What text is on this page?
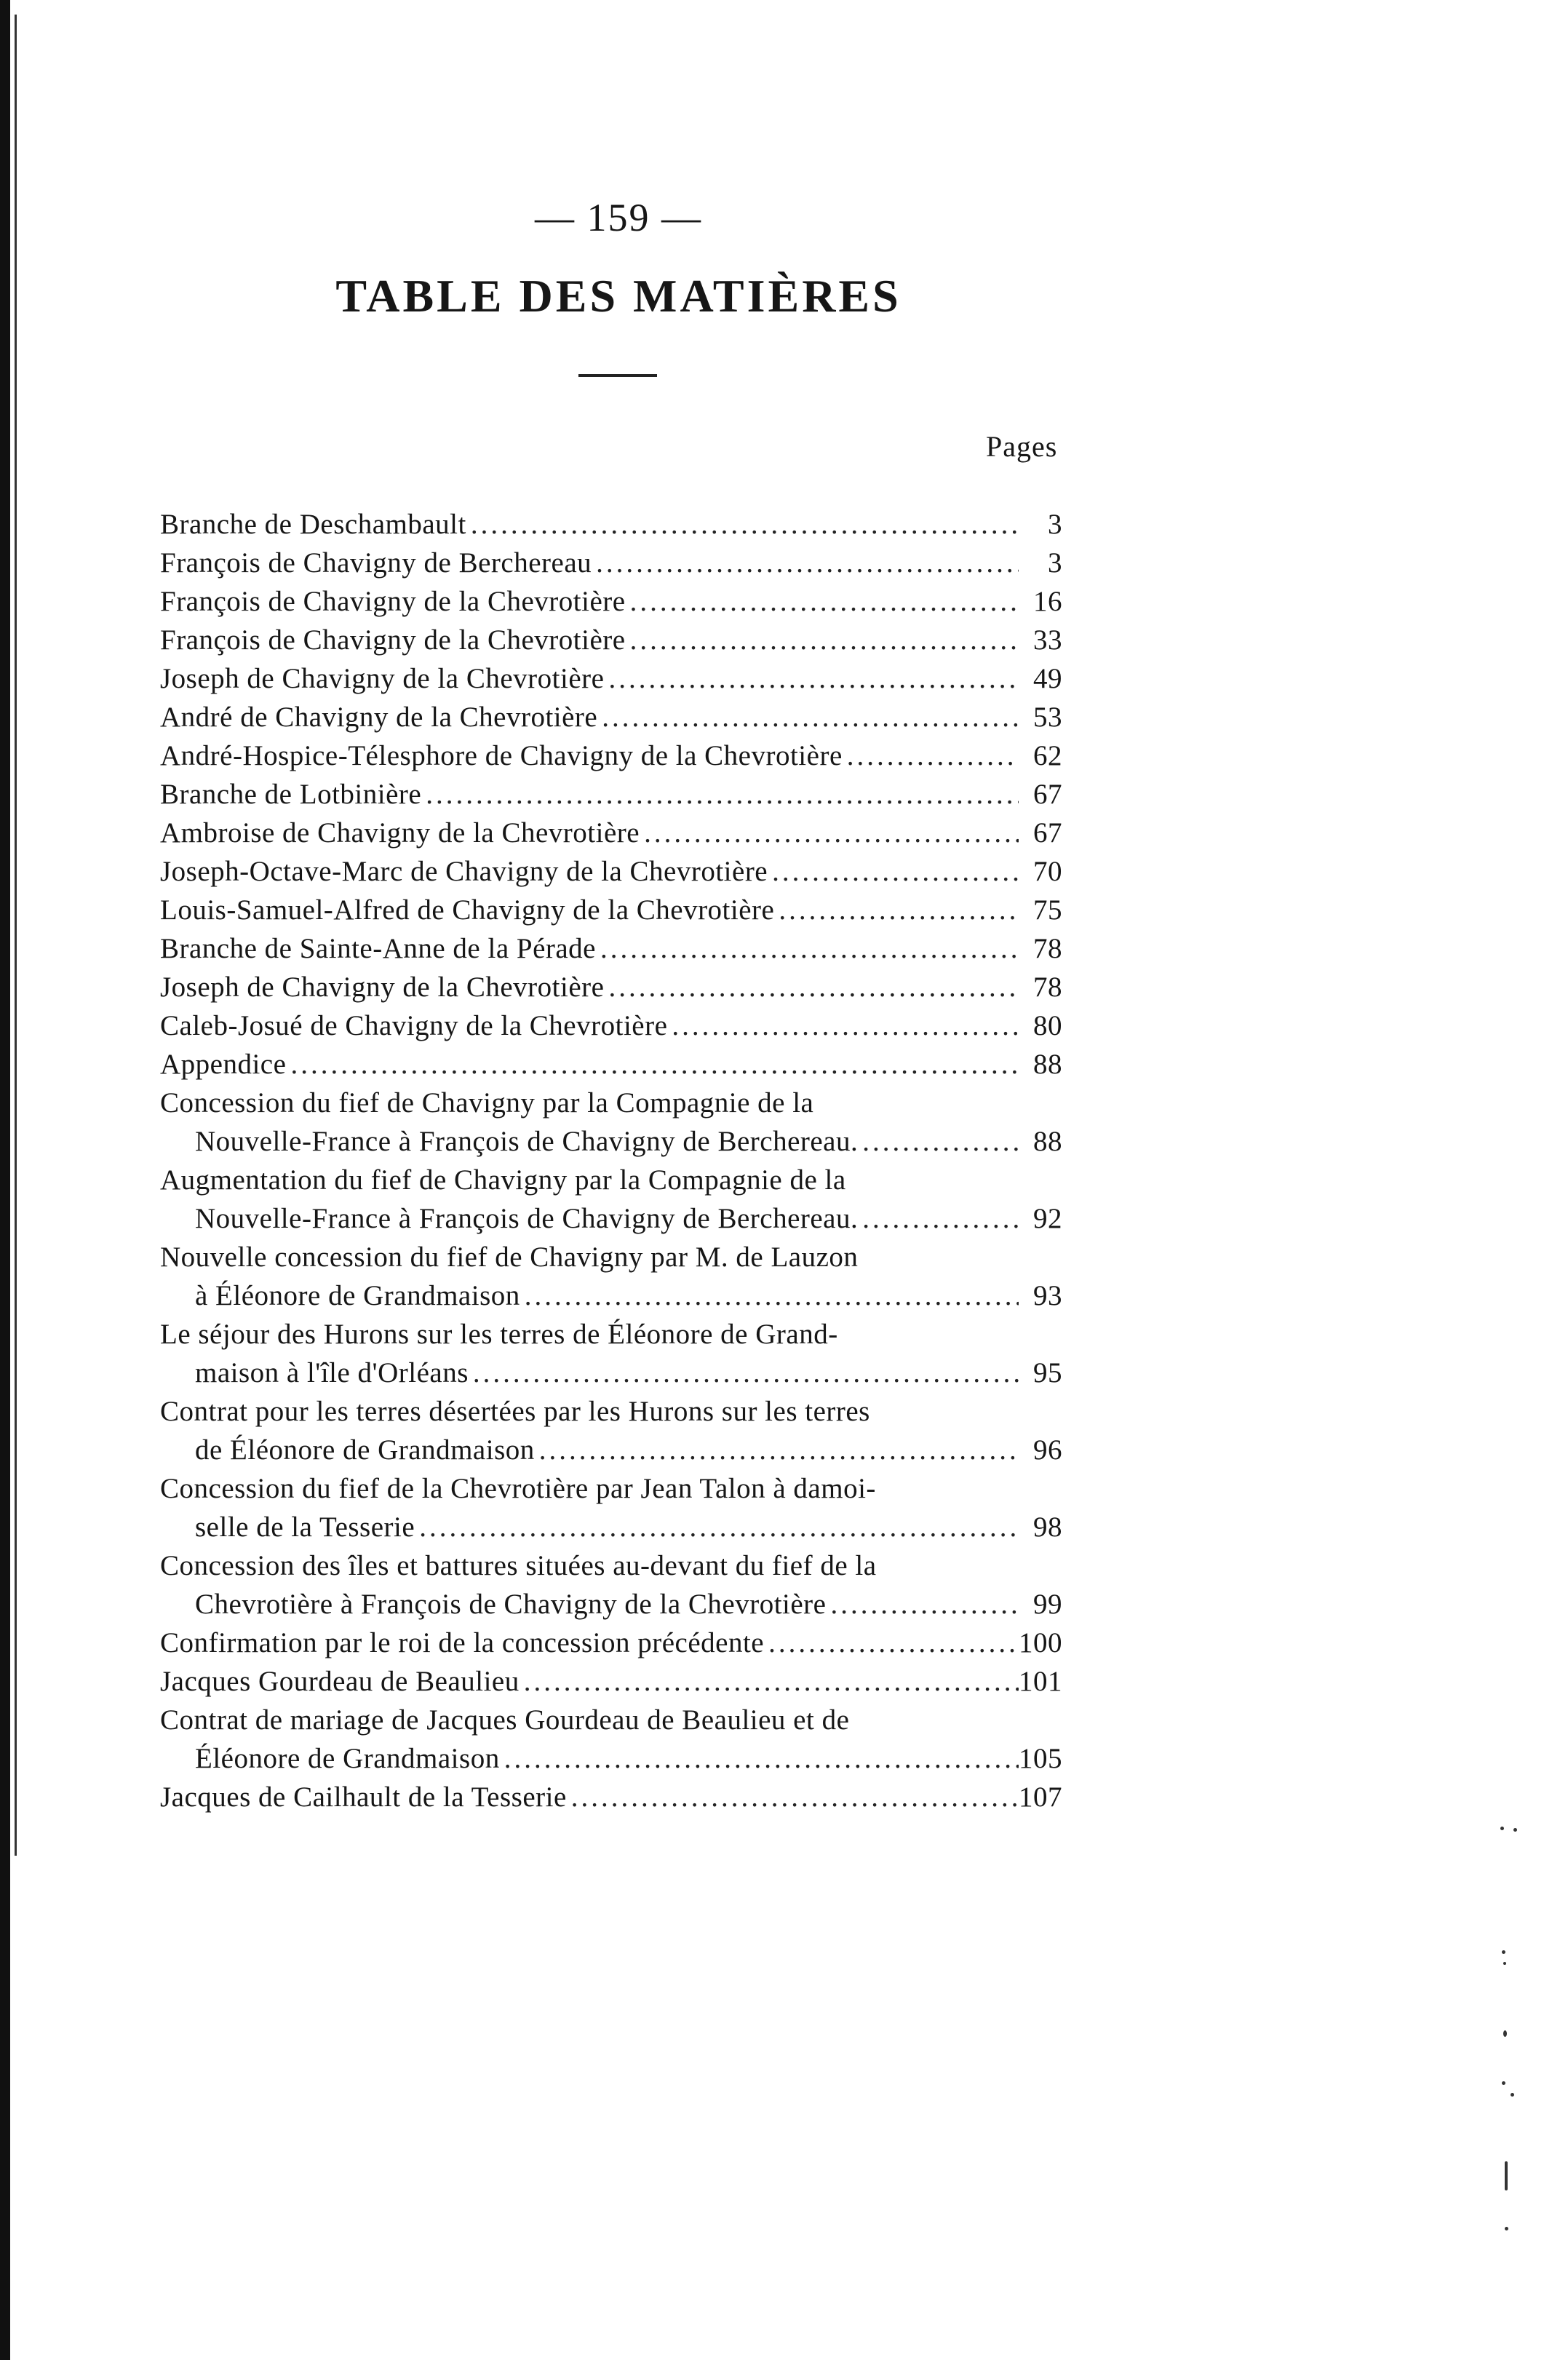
— 159 —
TABLE DES MATIÈRES
Pages
Branche de Deschambault .....	3
François de Chavigny de Berchereau .....	3
François de Chavigny de la Chevrotière .....	16
François de Chavigny de la Chevrotière .....	33
Joseph de Chavigny de la Chevrotière .....	49
André de Chavigny de la Chevrotière .....	53
André-Hospice-Télesphore de Chavigny de la Chevrotière .....	62
Branche de Lotbinière .....	67
Ambroise de Chavigny de la Chevrotière .....	67
Joseph-Octave-Marc de Chavigny de la Chevrotière .....	70
Louis-Samuel-Alfred de Chavigny de la Chevrotière .....	75
Branche de Sainte-Anne de la Pérade .....	78
Joseph de Chavigny de la Chevrotière .....	78
Caleb-Josué de Chavigny de la Chevrotière .....	80
Appendice .....	88
Concession du fief de Chavigny par la Compagnie de la
Nouvelle-France à François de Chavigny de Berchereau. .....	88
Augmentation du fief de Chavigny par la Compagnie de la
Nouvelle-France à François de Chavigny de Berchereau. .....	92
Nouvelle concession du fief de Chavigny par M. de Lauzon
à Éléonore de Grandmaison .....	93
Le séjour des Hurons sur les terres de Éléonore de Grand-
maison à l'île d'Orléans .....	95
Contrat pour les terres désertées par les Hurons sur les terres
de Éléonore de Grandmaison .....	96
Concession du fief de la Chevrotière par Jean Talon à damoi-
selle de la Tesserie .....	98
Concession des îles et battures situées au-devant du fief de la
Chevrotière à François de Chavigny de la Chevrotière .....	99
Confirmation par le roi de la concession précédente .....	100
Jacques Gourdeau de Beaulieu .....	101
Contrat de mariage de Jacques Gourdeau de Beaulieu et de
Éléonore de Grandmaison .....	105
Jacques de Cailhault de la Tesserie .....	107
